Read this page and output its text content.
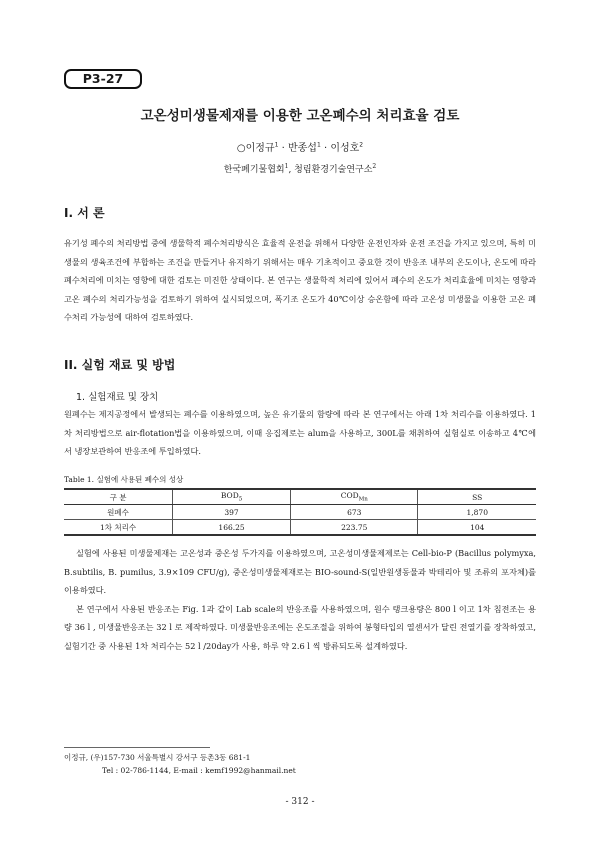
P3-27
고온성미생물제재를 이용한 고온폐수의 처리효율 검토
○이정규$^1$ · 반종섭$^1$ · 이성호$^2$
한국폐기물협회$^1$, 청림환경기술연구소$^2$
I. 서 론

유기성 폐수의 처리방법 중에 생물학적 폐수처리방식은 효율적 운전을 위해서 다양한 운전인자와 운전 조건을 가지고 있으며, 특히 미생물의 생육조건에 부합하는 조건을 만들거나 유지하기 위해서는 매우 기초적이고 중요한 것이 반응조 내부의 온도이나, 온도에 따라 폐수처리에 미치는 영향에 대한 검토는 미진한 상태이다. 본 연구는 생물학적 처리에 있어서 폐수의 온도가 처리효율에 미치는 영향과 고온 폐수의 처리가능성을 검토하기 위하여 실시되었으며, 폭기조 온도가 40℃이상 승온함에 따라 고온성 미생물을 이용한 고온 폐수처리 가능성에 대하여 검토하였다.

II. 실험 재료 및 방법
1. 실험재료 및 장치

원폐수는 제지공정에서 발생되는 폐수를 이용하였으며, 높은 유기물의 함량에 따라 본 연구에서는 아래 1차 처리수를 이용하였다. 1차 처리방법으로 air-flotation법을 이용하였으며, 이때 응집제로는 alum을 사용하고, 300L를 채취하여 실험실로 이송하고 4℃에서 냉장보관하여 반응조에 투입하였다.

Table 1. 실험에 사용된 폐수의 성상
구 분	$BOD_5$	$COD_{Mn}$	SS
원폐수	397	673	1,870
1차 처리수	166.25	223.75	104

실험에 사용된 미생물제재는 고온성과 중온성 두가지를 이용하였으며, 고온성미생물제제로는 Cell-bio-P (Bacillus polymyxa, B.subtilis, B. pumilus, 3.9×109 CFU/g), 중온성미생물제재로는 BIO-sound-S(일반원생동물과 박테리아 및 조류의 포자체)를 이용하였다.

본 연구에서 사용된 반응조는 Fig. 1과 같이 Lab scale의 반응조를 사용하였으며, 원수 탱크용량은 800 l 이고 1차 침전조는 용량 36 l , 미생물반응조는 32 l 로 제작하였다. 미생물반응조에는 온도조절을 위하여 봉형타입의 열센서가 달린 전열기를 장착하였고, 실험기간 중 사용된 1차 처리수는 52 l /20day가 사용, 하루 약 2.6 l 씩 방류되도록 설계하였다.

이정규, (우)157-730 서울특별시 강서구 등촌3동 681-1
Tel : 02-786-1144, E-mail : kemf1992@hanmail.net
- 312 -
